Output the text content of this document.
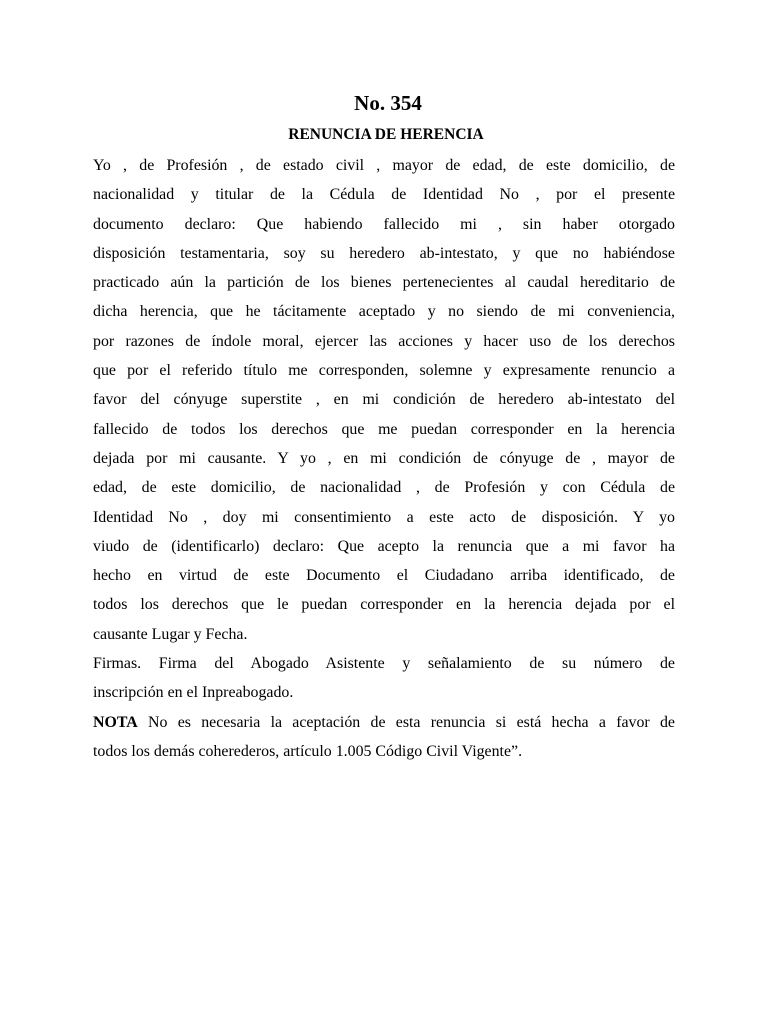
No. 354
RENUNCIA DE HERENCIA
Yo , de Profesión , de estado civil , mayor de edad, de este domicilio, de
nacionalidad y titular de la Cédula de Identidad No , por el presente
documento declaro: Que habiendo fallecido mi , sin haber otorgado
disposición testamentaria, soy su heredero ab-intestato, y que no habiéndose
practicado aún la partición de los bienes pertenecientes al caudal hereditario de
dicha herencia, que he tácitamente aceptado y no siendo de mi conveniencia,
por razones de índole moral, ejercer las acciones y hacer uso de los derechos
que por el referido título me corresponden, solemne y expresamente renuncio a
favor del cónyuge superstite , en mi condición de heredero ab-intestato del
fallecido de todos los derechos que me puedan corresponder en la herencia
dejada por mi causante. Y yo , en mi condición de cónyuge de , mayor de
edad, de este domicilio, de nacionalidad , de Profesión y con Cédula de
Identidad No , doy mi consentimiento a este acto de disposición. Y yo
viudo de (identificarlo) declaro: Que acepto la renuncia que a mi favor ha
hecho en virtud de este Documento el Ciudadano arriba identificado, de
todos los derechos que le puedan corresponder en la herencia dejada por el
causante Lugar y Fecha.
Firmas. Firma del Abogado Asistente y señalamiento de su número de
inscripción en el Inpreabogado.
NOTA No es necesaria la aceptación de esta renuncia si está hecha a favor de
todos los demás coherederos, artículo 1.005 Código Civil Vigente”.
